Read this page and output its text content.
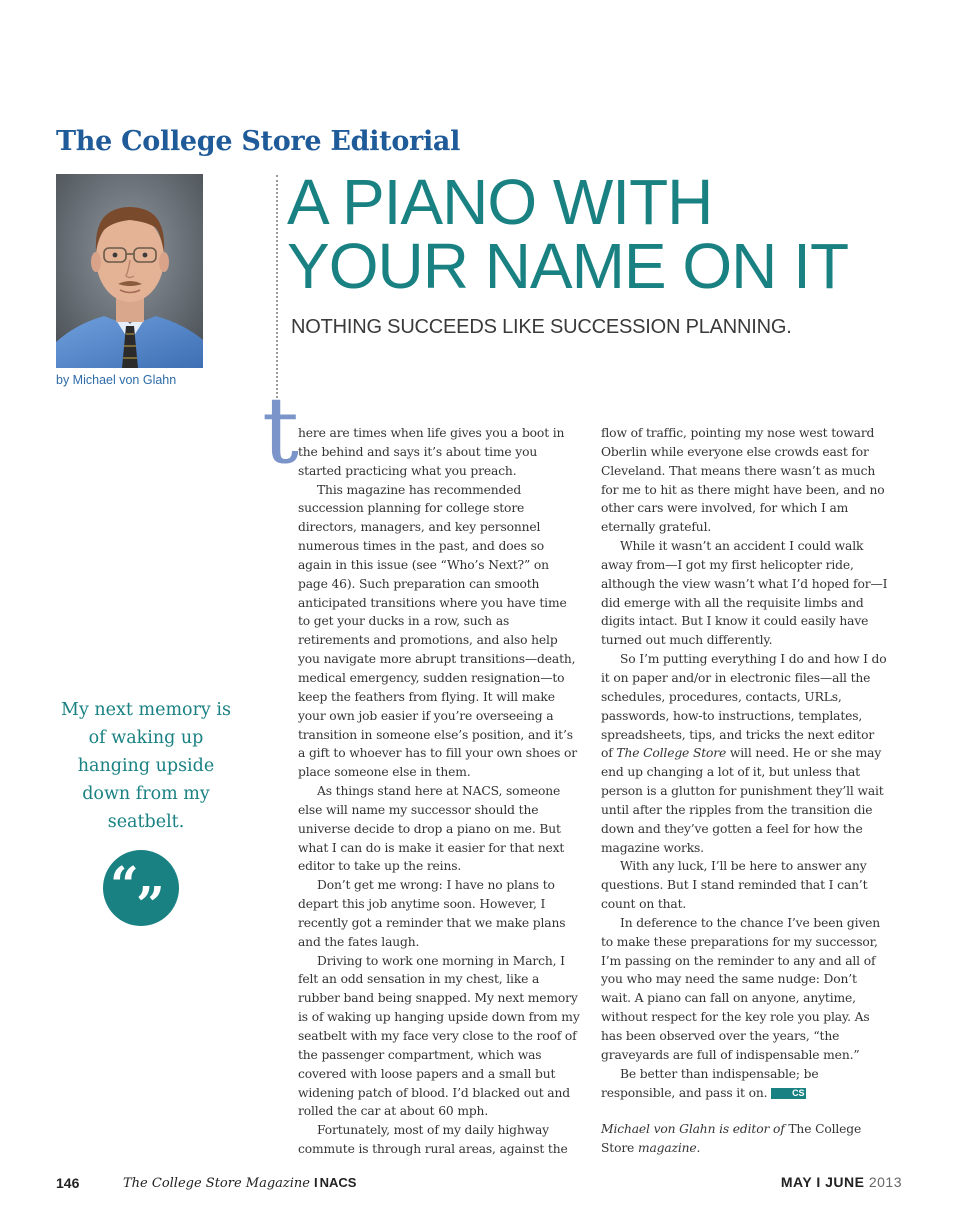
The College Store Editorial
by Michael von Glahn
A PIANO WITH
YOUR NAME ON IT
NOTHING SUCCEEDS LIKE SUCCESSION PLANNING.
t here are times when life gives you a boot in the behind and says it’s about time you started practicing what you preach.

This magazine has recommended succession planning for college store directors, managers, and key personnel numerous times in the past, and does so again in this issue (see “Who’s Next?” on page 46). Such preparation can smooth anticipated transitions where you have time to get your ducks in a row, such as retirements and promotions, and also help you navigate more abrupt transitions—death, medical emergency, sudden resignation—to keep the feathers from flying. It will make your own job easier if you’re overseeing a transition in someone else’s position, and it’s a gift to whoever has to fill your own shoes or place someone else in them.

As things stand here at NACS, someone else will name my successor should the universe decide to drop a piano on me. But what I can do is make it easier for that next editor to take up the reins.

Don’t get me wrong: I have no plans to depart this job anytime soon. However, I recently got a reminder that we make plans and the fates laugh.

Driving to work one morning in March, I felt an odd sensation in my chest, like a rubber band being snapped. My next memory is of waking up hanging upside down from my seatbelt with my face very close to the roof of the passenger compartment, which was covered with loose papers and a small but widening patch of blood. I’d blacked out and rolled the car at about 60 mph.

Fortunately, most of my daily highway commute is through rural areas, against the

flow of traffic, pointing my nose west toward Oberlin while everyone else crowds east for Cleveland. That means there wasn’t as much for me to hit as there might have been, and no other cars were involved, for which I am eternally grateful.

While it wasn’t an accident I could walk away from—I got my first helicopter ride, although the view wasn’t what I’d hoped for—I did emerge with all the requisite limbs and digits intact. But I know it could easily have turned out much differently.

So I’m putting everything I do and how I do it on paper and/or in electronic files—all the schedules, procedures, contacts, URLs, passwords, how-to instructions, templates, spreadsheets, tips, and tricks the next editor of The College Store will need. He or she may end up changing a lot of it, but unless that person is a glutton for punishment they’ll wait until after the ripples from the transition die down and they’ve gotten a feel for how the magazine works.

With any luck, I’ll be here to answer any questions. But I stand reminded that I can’t count on that.

In deference to the chance I’ve been given to make these preparations for my successor, I’m passing on the reminder to any and all of you who may need the same nudge: Don’t wait. A piano can fall on anyone, anytime, without respect for the key role you play. As has been observed over the years, “the graveyards are full of indispensable men.”

Be better than indispensable; be responsible, and pass it on. CS

Michael von Glahn is editor of The College Store magazine.

My next memory is of waking up hanging upside down from my seatbelt.
“
”
146	The College Store Magazine I NACS	MAY I JUNE 2013
